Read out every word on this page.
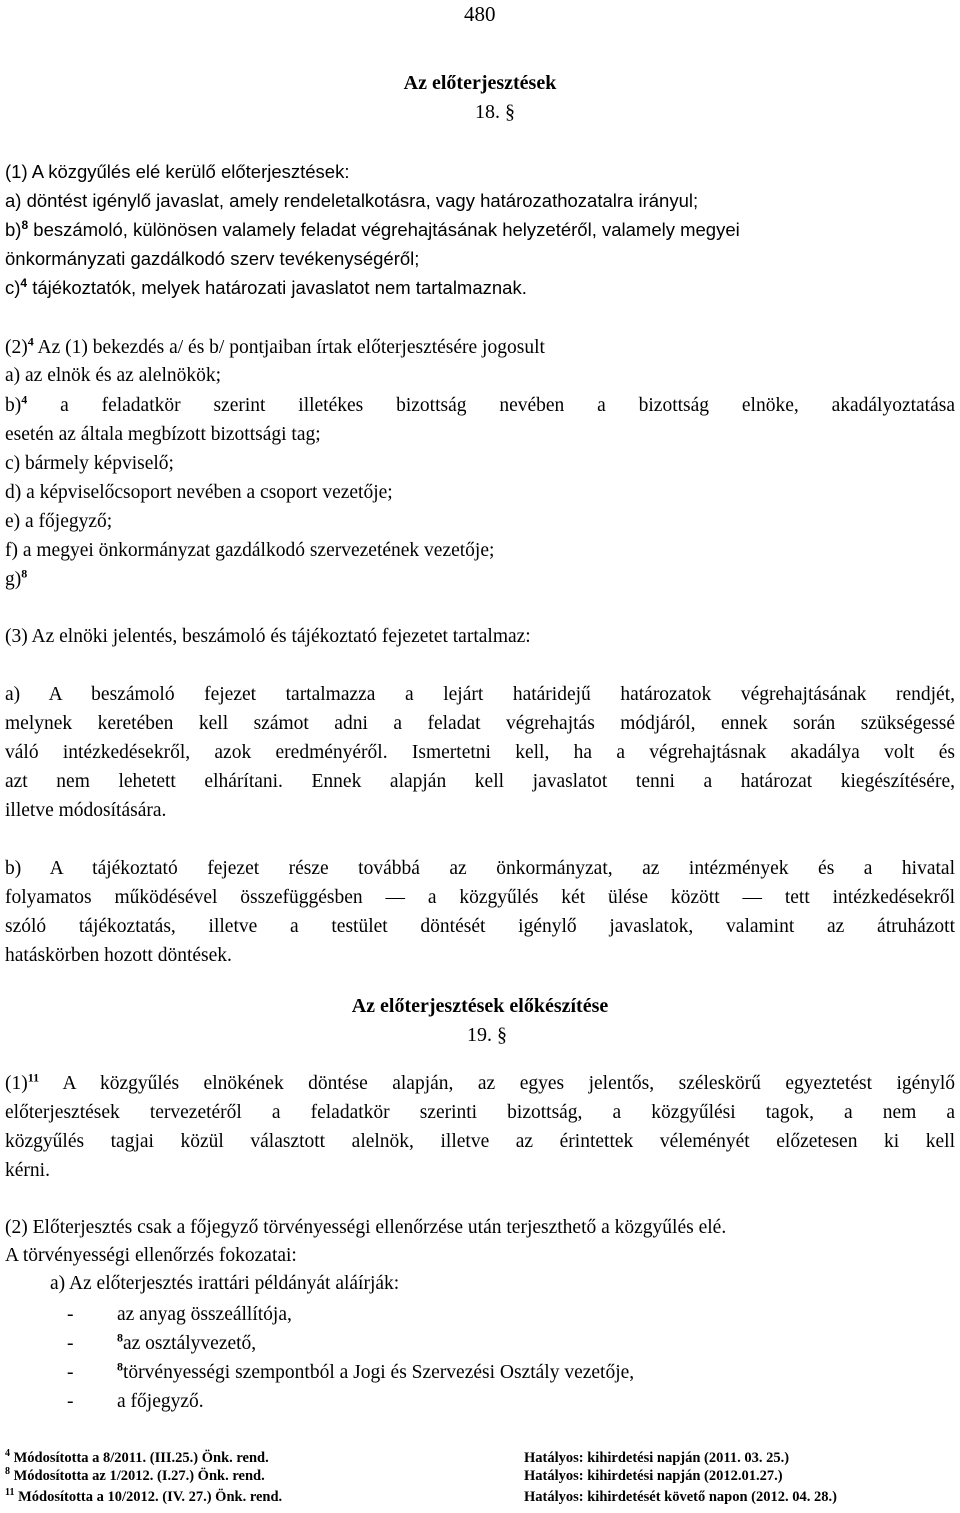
480
Az előterjesztések
18. §
(1) A közgyűlés elé kerülő előterjesztések:
a) döntést igénylő javaslat, amely rendeletalkotásra, vagy határozathozatalra irányul;
b)$^8$ beszámoló, különösen valamely feladat végrehajtásának helyzetéről, valamely megyei
önkormányzati gazdálkodó szerv tevékenységéről;
c)$^4$ tájékoztatók, melyek határozati javaslatot nem tartalmaznak.
$(2)^4$ Az (1) bekezdés a/ és b/ pontjaiban írtak előterjesztésére jogosult
a) az elnök és az alelnökök;
b)$^4$ a feladatkör szerint illetékes bizottság nevében a bizottság elnöke, akadályoztatása
esetén az általa megbízott bizottsági tag;
c) bármely képviselő;
d) a képviselőcsoport nevében a csoport vezetője;
e) a főjegyző;
f) a megyei önkormányzat gazdálkodó szervezetének vezetője;
g)$^8$
(3) Az elnöki jelentés, beszámoló és tájékoztató fejezetet tartalmaz:
a) A beszámoló fejezet tartalmazza a lejárt határidejű határozatok végrehajtásának rendjét,
melynek keretében kell számot adni a feladat végrehajtás módjáról, ennek során szükségessé
váló intézkedésekről, azok eredményéről. Ismertetni kell, ha a végrehajtásnak akadálya volt és
azt nem lehetett elhárítani. Ennek alapján kell javaslatot tenni a határozat kiegészítésére,
illetve módosítására.
b) A tájékoztató fejezet része továbbá az önkormányzat, az intézmények és a hivatal
folyamatos működésével összefüggésben — a közgyűlés két ülése között — tett intézkedésekről
szóló tájékoztatás, illetve a testület döntését igénylő javaslatok, valamint az átruházott
hatáskörben hozott döntések.
Az előterjesztések előkészítése
19. §
$(1)^{11}$ A közgyűlés elnökének döntése alapján, az egyes jelentős, széleskörű egyeztetést igénylő
előterjesztések tervezetéről a feladatkör szerinti bizottság, a közgyűlési tagok, a nem a
közgyűlés tagjai közül választott alelnök, illetve az érintettek véleményét előzetesen ki kell
kérni.
(2) Előterjesztés csak a főjegyző törvényességi ellenőrzése után terjeszthető a közgyűlés elé.
A törvényességi ellenőrzés fokozatai:
a) Az előterjesztés irattári példányát aláírják:
- az anyag összeállítója,
-	$^8$az osztályvezető,
-	$^8$törvényességi szempontból a Jogi és Szervezési Osztály vezetője,
- a főjegyző.
$^4$ Módosította a 8/2011. (III.25.) Önk. rend.	Hatályos: kihirdetési napján (2011. 03. 25.)
$^8$ Módosította az 1/2012. (I.27.) Önk. rend.	Hatályos: kihirdetési napján (2012.01.27.)
$^{11}$ Módosította a 10/2012. (IV. 27.) Önk. rend.	Hatályos: kihirdetését követő napon (2012. 04. 28.)
